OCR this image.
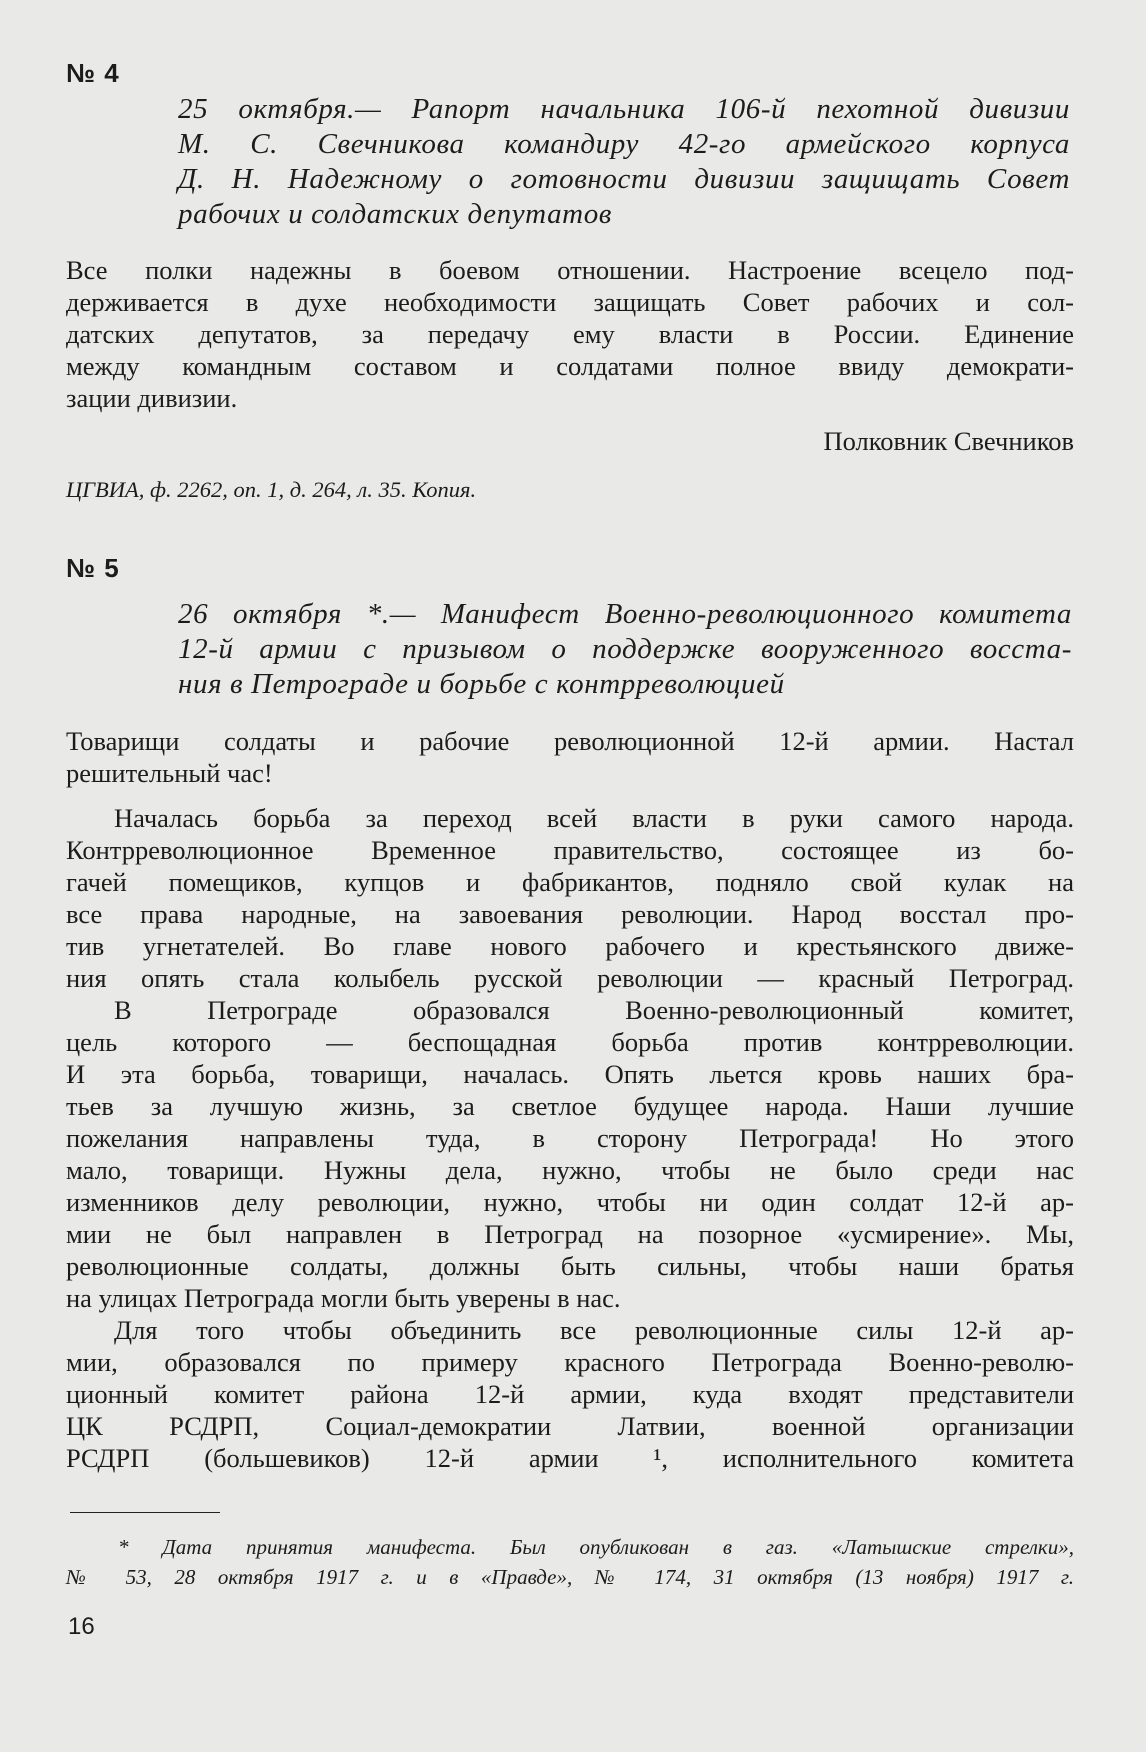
№ 4
25 октября.— Рапорт начальника 106-й пехотной дивизии
М. С. Свечникова командиру 42-го армейского корпуса
Д. Н. Надежному о готовности дивизии защищать Совет
рабочих и солдатских депутатов
Все полки надежны в боевом отношении. Настроение всецело под-
держивается в духе необходимости защищать Совет рабочих и сол-
датских депутатов, за передачу ему власти в России. Единение
между командным составом и солдатами полное ввиду демократи-
зации дивизии.
Полковник Свечников
ЦГВИА, ф. 2262, оп. 1, д. 264, л. 35. Копия.
№ 5
26 октября *.— Манифест Военно-революционного комитета
12-й армии с призывом о поддержке вооруженного восста-
ния в Петрограде и борьбе с контрреволюцией
Товарищи солдаты и рабочие революционной 12-й армии. Настал
решительный час!
Началась борьба за переход всей власти в руки самого народа.
Контрреволюционное Временное правительство, состоящее из бо-
гачей помещиков, купцов и фабрикантов, подняло свой кулак на
все права народные, на завоевания революции. Народ восстал про-
тив угнетателей. Во главе нового рабочего и крестьянского движе-
ния опять стала колыбель русской революции — красный Петроград.
В Петрограде образовался Военно-революционный комитет,
цель которого — беспощадная борьба против контрреволюции.
И эта борьба, товарищи, началась. Опять льется кровь наших бра-
тьев за лучшую жизнь, за светлое будущее народа. Наши лучшие
пожелания направлены туда, в сторону Петрограда! Но этого
мало, товарищи. Нужны дела, нужно, чтобы не было среди нас
изменников делу революции, нужно, чтобы ни один солдат 12-й ар-
мии не был направлен в Петроград на позорное «усмирение». Мы,
революционные солдаты, должны быть сильны, чтобы наши братья
на улицах Петрограда могли быть уверены в нас.
Для того чтобы объединить все революционные силы 12-й ар-
мии, образовался по примеру красного Петрограда Военно-револю-
ционный комитет района 12-й армии, куда входят представители
ЦК РСДРП, Социал-демократии Латвии, военной организации
РСДРП (большевиков) 12-й армии ¹, исполнительного комитета
* Дата принятия манифеста. Был опубликован в газ. «Латышские стрелки»,
№ 53, 28 октября 1917 г. и в «Правде», № 174, 31 октября (13 ноября) 1917 г.
16
